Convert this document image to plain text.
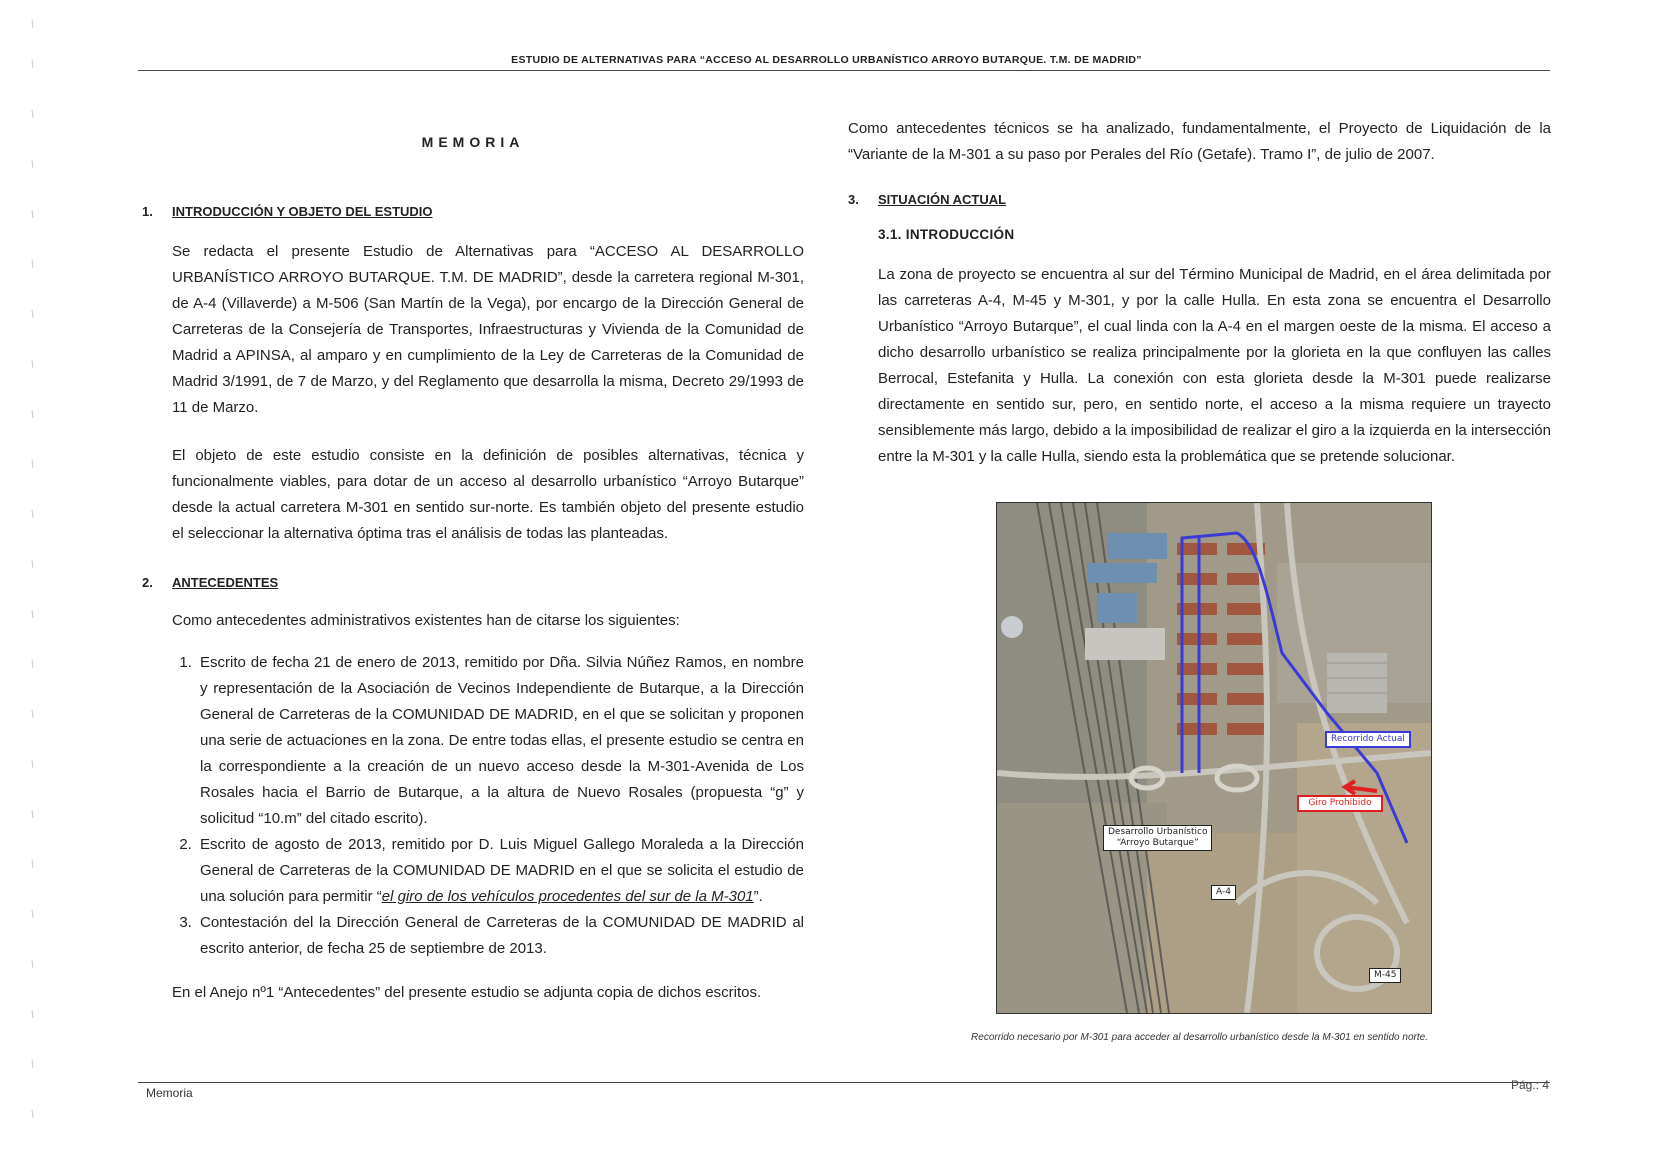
ESTUDIO DE ALTERNATIVAS PARA “ACCESO AL DESARROLLO URBANÍSTICO ARROYO BUTARQUE. T.M. DE MADRID”
MEMORIA
1.	INTRODUCCIÓN Y OBJETO DEL ESTUDIO

Se redacta el presente Estudio de Alternativas para “ACCESO AL DESARROLLO URBANÍSTICO ARROYO BUTARQUE. T.M. DE MADRID”, desde la carretera regional M-301, de A-4 (Villaverde) a M-506 (San Martín de la Vega), por encargo de la Dirección General de Carreteras de la Consejería de Transportes, Infraestructuras y Vivienda de la Comunidad de Madrid a APINSA, al amparo y en cumplimiento de la Ley de Carreteras de la Comunidad de Madrid 3/1991, de 7 de Marzo, y del Reglamento que desarrolla la misma, Decreto 29/1993 de 11 de Marzo.

El objeto de este estudio consiste en la definición de posibles alternativas, técnica y funcionalmente viables, para dotar de un acceso al desarrollo urbanístico “Arroyo Butarque” desde la actual carretera M-301 en sentido sur-norte. Es también objeto del presente estudio el seleccionar la alternativa óptima tras el análisis de todas las planteadas.

2.	ANTECEDENTES

Como antecedentes administrativos existentes han de citarse los siguientes:

1. Escrito de fecha 21 de enero de 2013, remitido por Dña. Silvia Núñez Ramos, en nombre y representación de la Asociación de Vecinos Independiente de Butarque, a la Dirección General de Carreteras de la COMUNIDAD DE MADRID, en el que se solicitan y proponen una serie de actuaciones en la zona. De entre todas ellas, el presente estudio se centra en la correspondiente a la creación de un nuevo acceso desde la M-301-Avenida de Los Rosales hacia el Barrio de Butarque, a la altura de Nuevo Rosales (propuesta “g” y solicitud “10.m” del citado escrito).
2. Escrito de agosto de 2013, remitido por D. Luis Miguel Gallego Moraleda a la Dirección General de Carreteras de la COMUNIDAD DE MADRID en el que se solicita el estudio de una solución para permitir “el giro de los vehículos procedentes del sur de la M-301”.
3. Contestación del la Dirección General de Carreteras de la COMUNIDAD DE MADRID al escrito anterior, de fecha 25 de septiembre de 2013.

En el Anejo nº1 “Antecedentes” del presente estudio se adjunta copia de dichos escritos.

Como antecedentes técnicos se ha analizado, fundamentalmente, el Proyecto de Liquidación de la “Variante de la M-301 a su paso por Perales del Río (Getafe). Tramo I”, de julio de 2007.

3.	SITUACIÓN ACTUAL
3.1. INTRODUCCIÓN

La zona de proyecto se encuentra al sur del Término Municipal de Madrid, en el área delimitada por las carreteras A-4, M-45 y M-301, y por la calle Hulla. En esta zona se encuentra el Desarrollo Urbanístico “Arroyo Butarque”, el cual linda con la A-4 en el margen oeste de la misma. El acceso a dicho desarrollo urbanístico se realiza principalmente por la glorieta en la que confluyen las calles Berrocal, Estefanita y Hulla. La conexión con esta glorieta desde la M-301 puede realizarse directamente en sentido sur, pero, en sentido norte, el acceso a la misma requiere un trayecto sensiblemente más largo, debido a la imposibilidad de realizar el giro a la izquierda en la intersección entre la M-301 y la calle Hulla, siendo esta la problemática que se pretende solucionar.

Recorrido Actual
Giro Prohibido
Desarrollo Urbanístico
“Arroyo Butarque”
A-4
M-45
Recorrido necesario por M-301 para acceder al desarrollo urbanístico desde la M-301 en sentido norte.
Memoria
Pág.: 4
